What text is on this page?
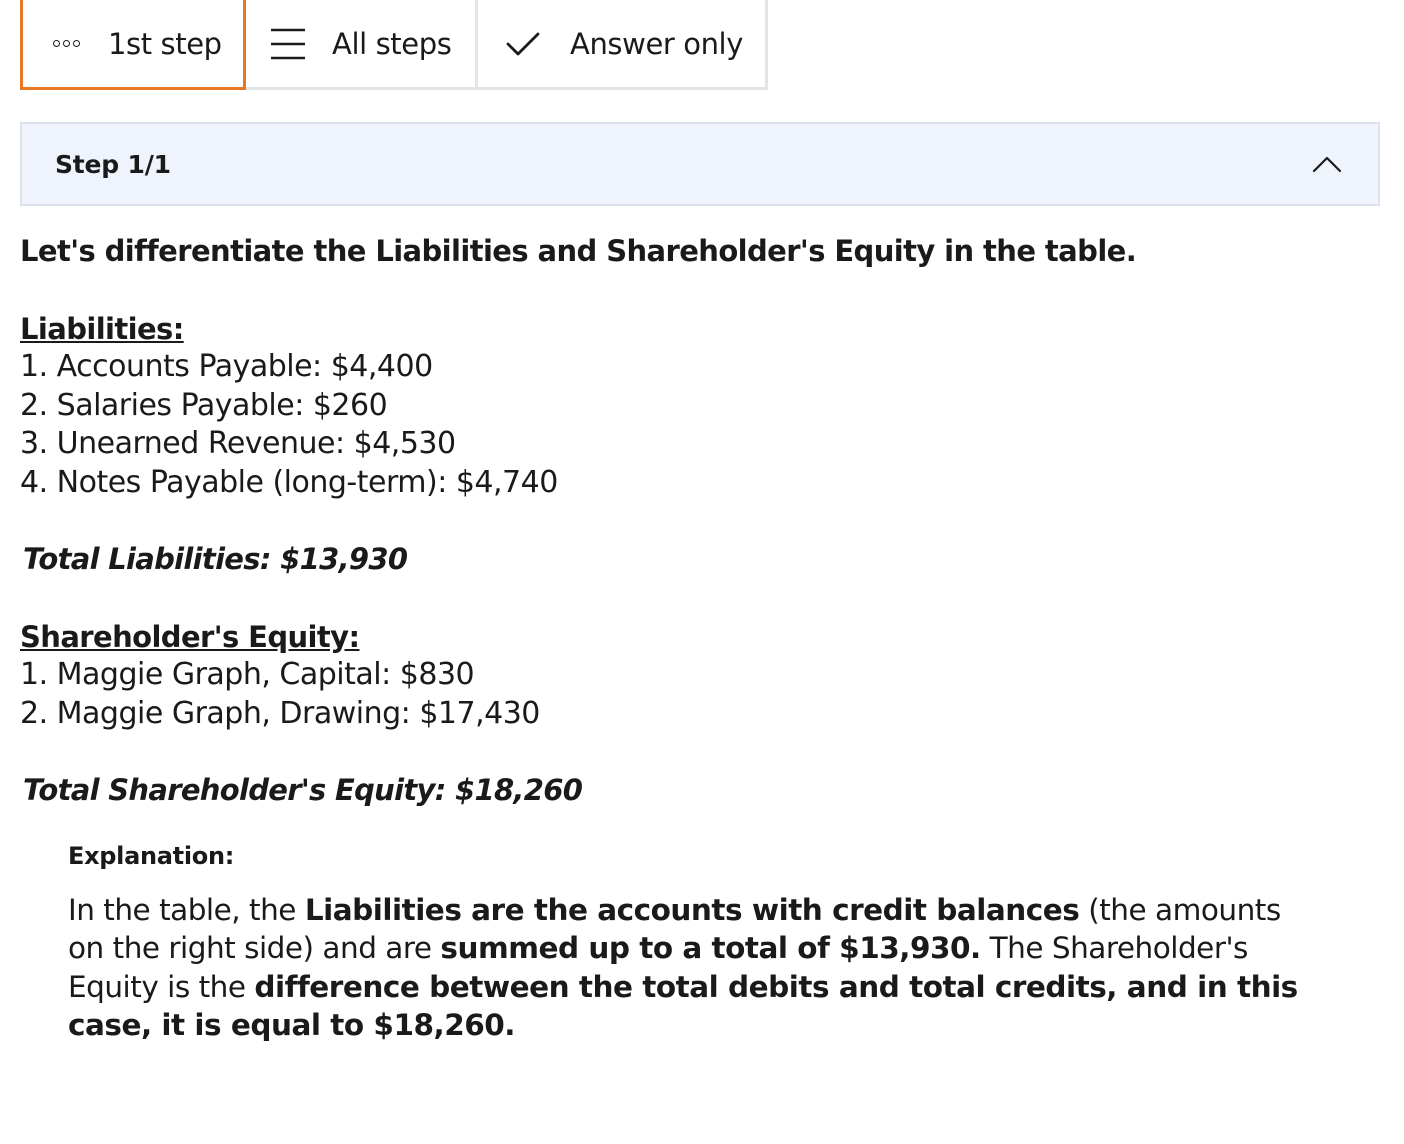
1st step	All steps	Answer only
Step 1/1

Let's differentiate the Liabilities and Shareholder's Equity in the table.

Liabilities:
1. Accounts Payable: $4,400
2. Salaries Payable: $260
3. Unearned Revenue: $4,530
4. Notes Payable (long-term): $4,740
Total Liabilities: $13,930
Shareholder's Equity:
1. Maggie Graph, Capital: $830
2. Maggie Graph, Drawing: $17,430
Total Shareholder's Equity: $18,260
Explanation:
In the table, the Liabilities are the accounts with credit balances (the amounts on the right side) and are summed up to a total of $13,930. The Shareholder's Equity is the difference between the total debits and total credits, and in this case, it is equal to $18,260.
